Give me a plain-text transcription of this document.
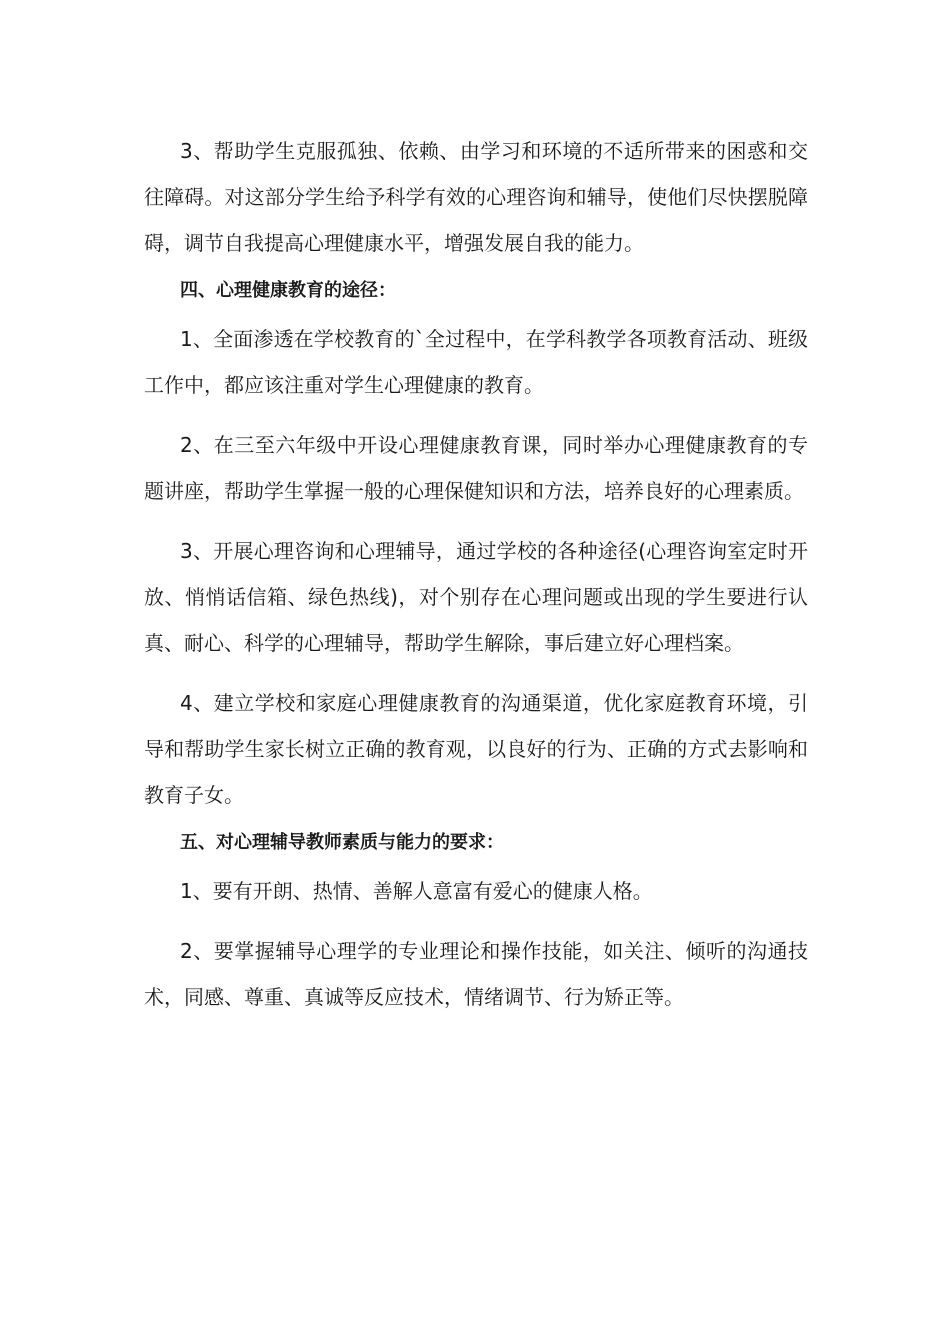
3、帮助学生克服孤独、依赖、由学习和环境的不适所带来的困惑和交往障碍。对这部分学生给予科学有效的心理咨询和辅导，使他们尽快摆脱障碍，调节自我提高心理健康水平，增强发展自我的能力。

四、心理健康教育的途径：

1、全面渗透在学校教育的`全过程中，在学科教学各项教育活动、班级工作中，都应该注重对学生心理健康的教育。

2、在三至六年级中开设心理健康教育课，同时举办心理健康教育的专题讲座，帮助学生掌握一般的心理保健知识和方法，培养良好的心理素质。

3、开展心理咨询和心理辅导，通过学校的各种途径(心理咨询室定时开放、悄悄话信箱、绿色热线)，对个别存在心理问题或出现的学生要进行认真、耐心、科学的心理辅导，帮助学生解除，事后建立好心理档案。

4、建立学校和家庭心理健康教育的沟通渠道，优化家庭教育环境，引导和帮助学生家长树立正确的教育观，以良好的行为、正确的方式去影响和教育子女。

五、对心理辅导教师素质与能力的要求：

1、要有开朗、热情、善解人意富有爱心的健康人格。

2、要掌握辅导心理学的专业理论和操作技能，如关注、倾听的沟通技术，同感、尊重、真诚等反应技术，情绪调节、行为矫正等。
